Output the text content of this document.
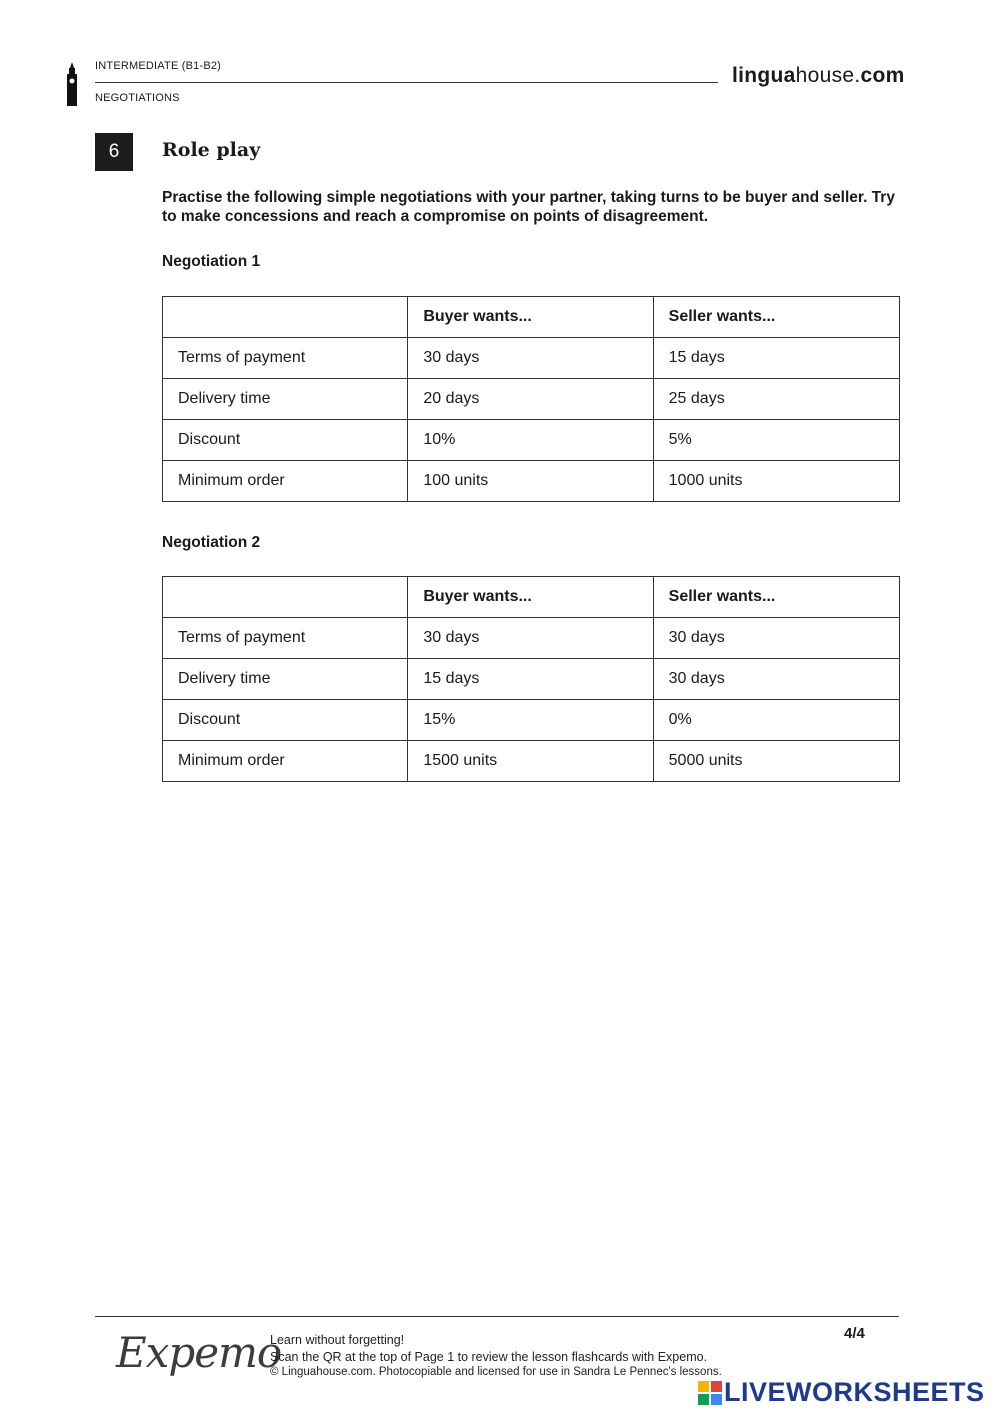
INTERMEDIATE (B1-B2)
NEGOTIATIONS
linguahouse.com
6	Role play
Practise the following simple negotiations with your partner, taking turns to be buyer and seller. Try to make concessions and reach a compromise on points of disagreement.
Negotiation 1
	Buyer wants...	Seller wants...
Terms of payment	30 days	15 days
Delivery time	20 days	25 days
Discount	10%	5%
Minimum order	100 units	1000 units
Negotiation 2
	Buyer wants...	Seller wants...
Terms of payment	30 days	30 days
Delivery time	15 days	30 days
Discount	15%	0%
Minimum order	1500 units	5000 units
Expemo
Learn without forgetting!
Scan the QR at the top of Page 1 to review the lesson flashcards with Expemo.
© Linguahouse.com. Photocopiable and licensed for use in Sandra Le Pennec's lessons.
4/4
LIVEWORKSHEETS
